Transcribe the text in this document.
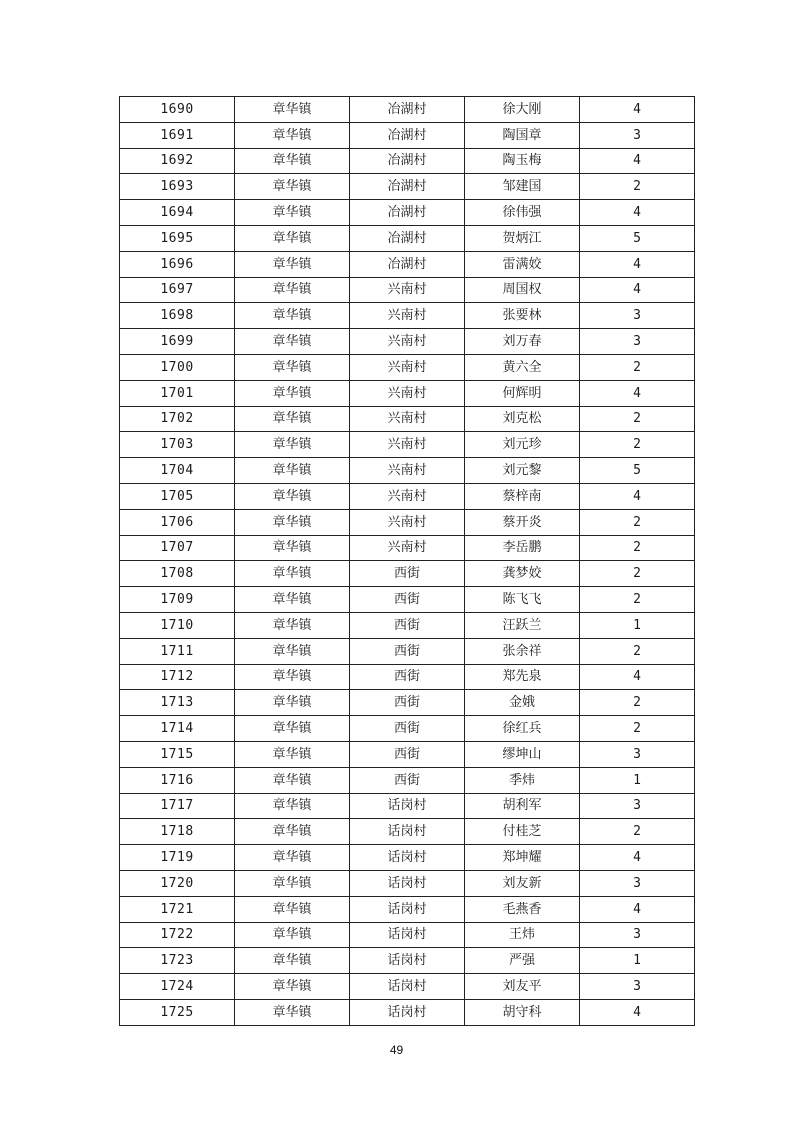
1690	章华镇	冶湖村	徐大刚	4
1691	章华镇	冶湖村	陶国章	3
1692	章华镇	冶湖村	陶玉梅	4
1693	章华镇	冶湖村	邹建国	2
1694	章华镇	冶湖村	徐伟强	4
1695	章华镇	冶湖村	贺炳江	5
1696	章华镇	冶湖村	雷满姣	4
1697	章华镇	兴南村	周国权	4
1698	章华镇	兴南村	张要林	3
1699	章华镇	兴南村	刘万春	3
1700	章华镇	兴南村	黄六全	2
1701	章华镇	兴南村	何辉明	4
1702	章华镇	兴南村	刘克松	2
1703	章华镇	兴南村	刘元珍	2
1704	章华镇	兴南村	刘元黎	5
1705	章华镇	兴南村	蔡梓南	4
1706	章华镇	兴南村	蔡开炎	2
1707	章华镇	兴南村	李岳鹏	2
1708	章华镇	西街	龚梦姣	2
1709	章华镇	西街	陈飞飞	2
1710	章华镇	西街	汪跃兰	1
1711	章华镇	西街	张余祥	2
1712	章华镇	西街	郑先泉	4
1713	章华镇	西街	金娥	2
1714	章华镇	西街	徐红兵	2
1715	章华镇	西街	缪坤山	3
1716	章华镇	西街	季炜	1
1717	章华镇	话岗村	胡利军	3
1718	章华镇	话岗村	付桂芝	2
1719	章华镇	话岗村	郑坤耀	4
1720	章华镇	话岗村	刘友新	3
1721	章华镇	话岗村	毛燕香	4
1722	章华镇	话岗村	王炜	3
1723	章华镇	话岗村	严强	1
1724	章华镇	话岗村	刘友平	3
1725	章华镇	话岗村	胡守科	4
49
